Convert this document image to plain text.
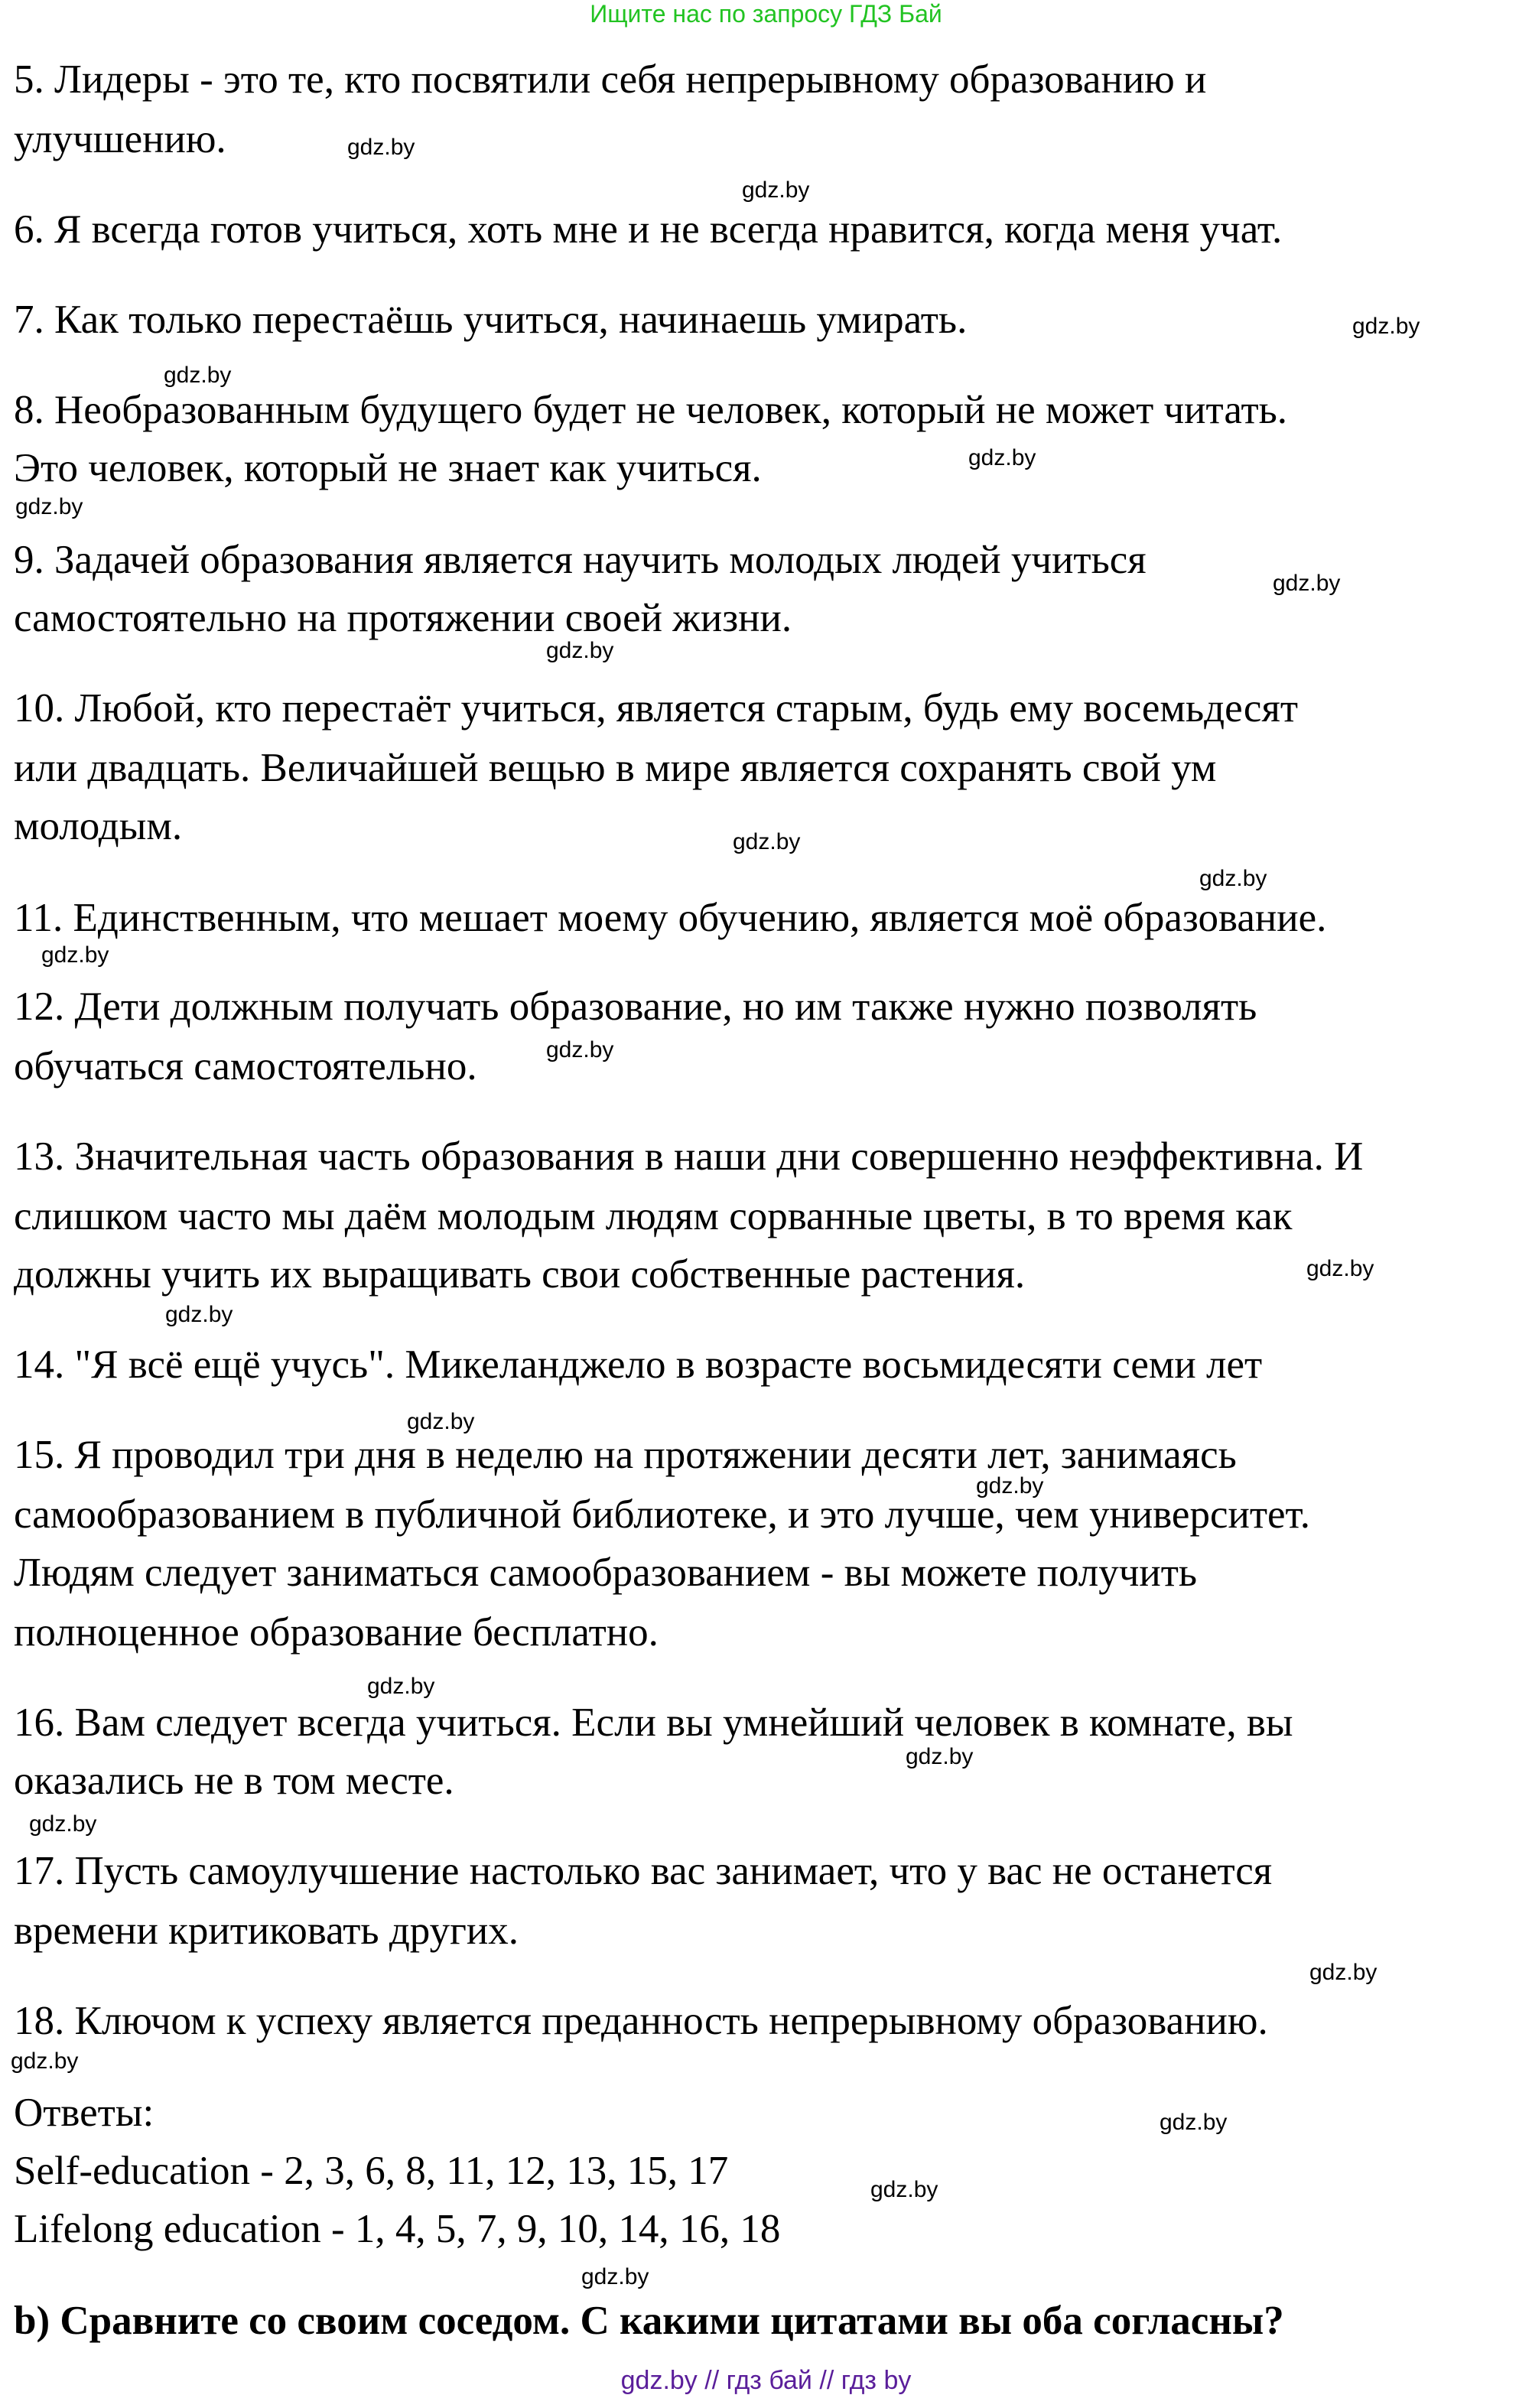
Ищите нас по запросу ГДЗ Бай
5. Лидеры - это те, кто посвятили себя непрерывному образованию и
улучшению.
6. Я всегда готов учиться, хоть мне и не всегда нравится, когда меня учат.
7. Как только перестаёшь учиться, начинаешь умирать.
8. Необразованным будущего будет не человек, который не может читать.
Это человек, который не знает как учиться.
9. Задачей образования является научить молодых людей учиться
самостоятельно на протяжении своей жизни.
10. Любой, кто перестаёт учиться, является старым, будь ему восемьдесят
или двадцать. Величайшей вещью в мире является сохранять свой ум
молодым.
11. Единственным, что мешает моему обучению, является моё образование.
12. Дети должным получать образование, но им также нужно позволять
обучаться самостоятельно.
13. Значительная часть образования в наши дни совершенно неэффективна. И
слишком часто мы даём молодым людям сорванные цветы, в то время как
должны учить их выращивать свои собственные растения.
14. "Я всё ещё учусь". Микеланджело в возрасте восьмидесяти семи лет
15. Я проводил три дня в неделю на протяжении десяти лет, занимаясь
самообразованием в публичной библиотеке, и это лучше, чем университет.
Людям следует заниматься самообразованием - вы можете получить
полноценное образование бесплатно.
16. Вам следует всегда учиться. Если вы умнейший человек в комнате, вы
оказались не в том месте.
17. Пусть самоулучшение настолько вас занимает, что у вас не останется
времени критиковать других.
18. Ключом к успеху является преданность непрерывному образованию.
Ответы:
Self-education - 2, 3, 6, 8, 11, 12, 13, 15, 17
Lifelong education - 1, 4, 5, 7, 9, 10, 14, 16, 18
b) Сравните со своим соседом. С какими цитатами вы оба согласны?
gdz.by
gdz.by
gdz.by
gdz.by
gdz.by
gdz.by
gdz.by
gdz.by
gdz.by
gdz.by
gdz.by
gdz.by
gdz.by
gdz.by
gdz.by
gdz.by
gdz.by
gdz.by
gdz.by
gdz.by
gdz.by
gdz.by
gdz.by
gdz.by
gdz.by // гдз бай // гдз by
